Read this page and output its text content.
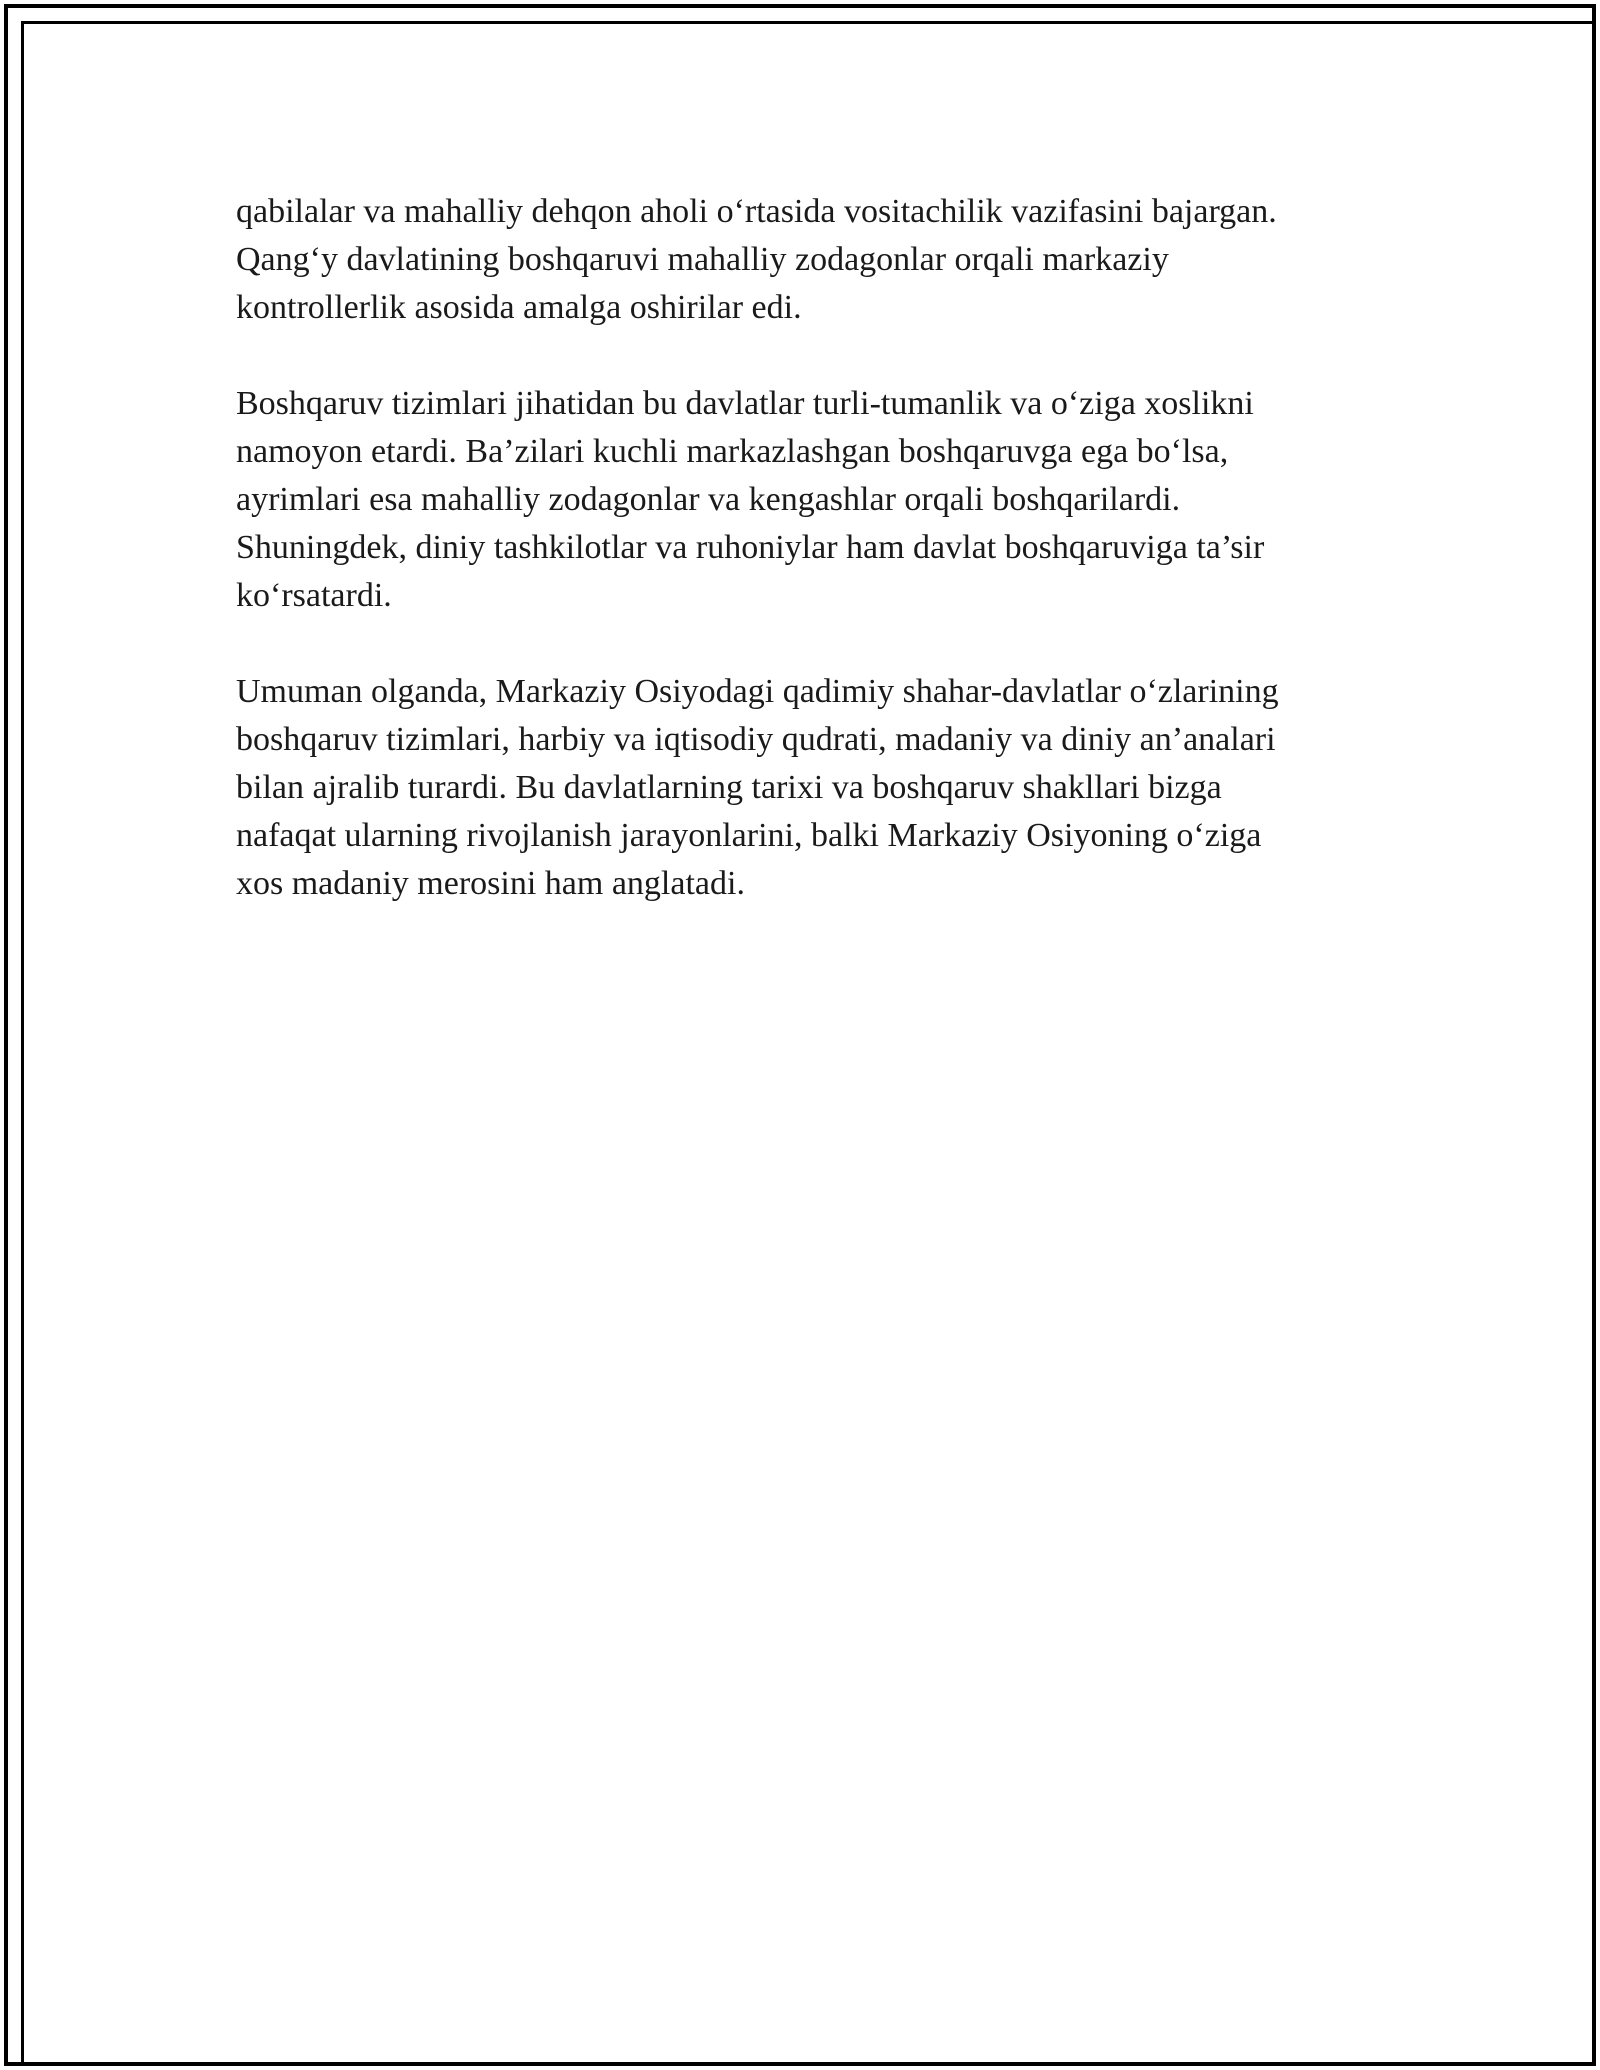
qabilalar va mahalliy dehqon aholi o‘rtasida vositachilik vazifasini bajargan.
Qang‘y davlatining boshqaruvi mahalliy zodagonlar orqali markaziy
kontrollerlik asosida amalga oshirilar edi.

Boshqaruv tizimlari jihatidan bu davlatlar turli-tumanlik va o‘ziga xoslikni
namoyon etardi. Ba’zilari kuchli markazlashgan boshqaruvga ega bo‘lsa,
ayrimlari esa mahalliy zodagonlar va kengashlar orqali boshqarilardi.
Shuningdek, diniy tashkilotlar va ruhoniylar ham davlat boshqaruviga ta’sir
ko‘rsatardi.

Umuman olganda, Markaziy Osiyodagi qadimiy shahar-davlatlar o‘zlarining
boshqaruv tizimlari, harbiy va iqtisodiy qudrati, madaniy va diniy an’analari
bilan ajralib turardi. Bu davlatlarning tarixi va boshqaruv shakllari bizga
nafaqat ularning rivojlanish jarayonlarini, balki Markaziy Osiyoning o‘ziga
xos madaniy merosini ham anglatadi.
